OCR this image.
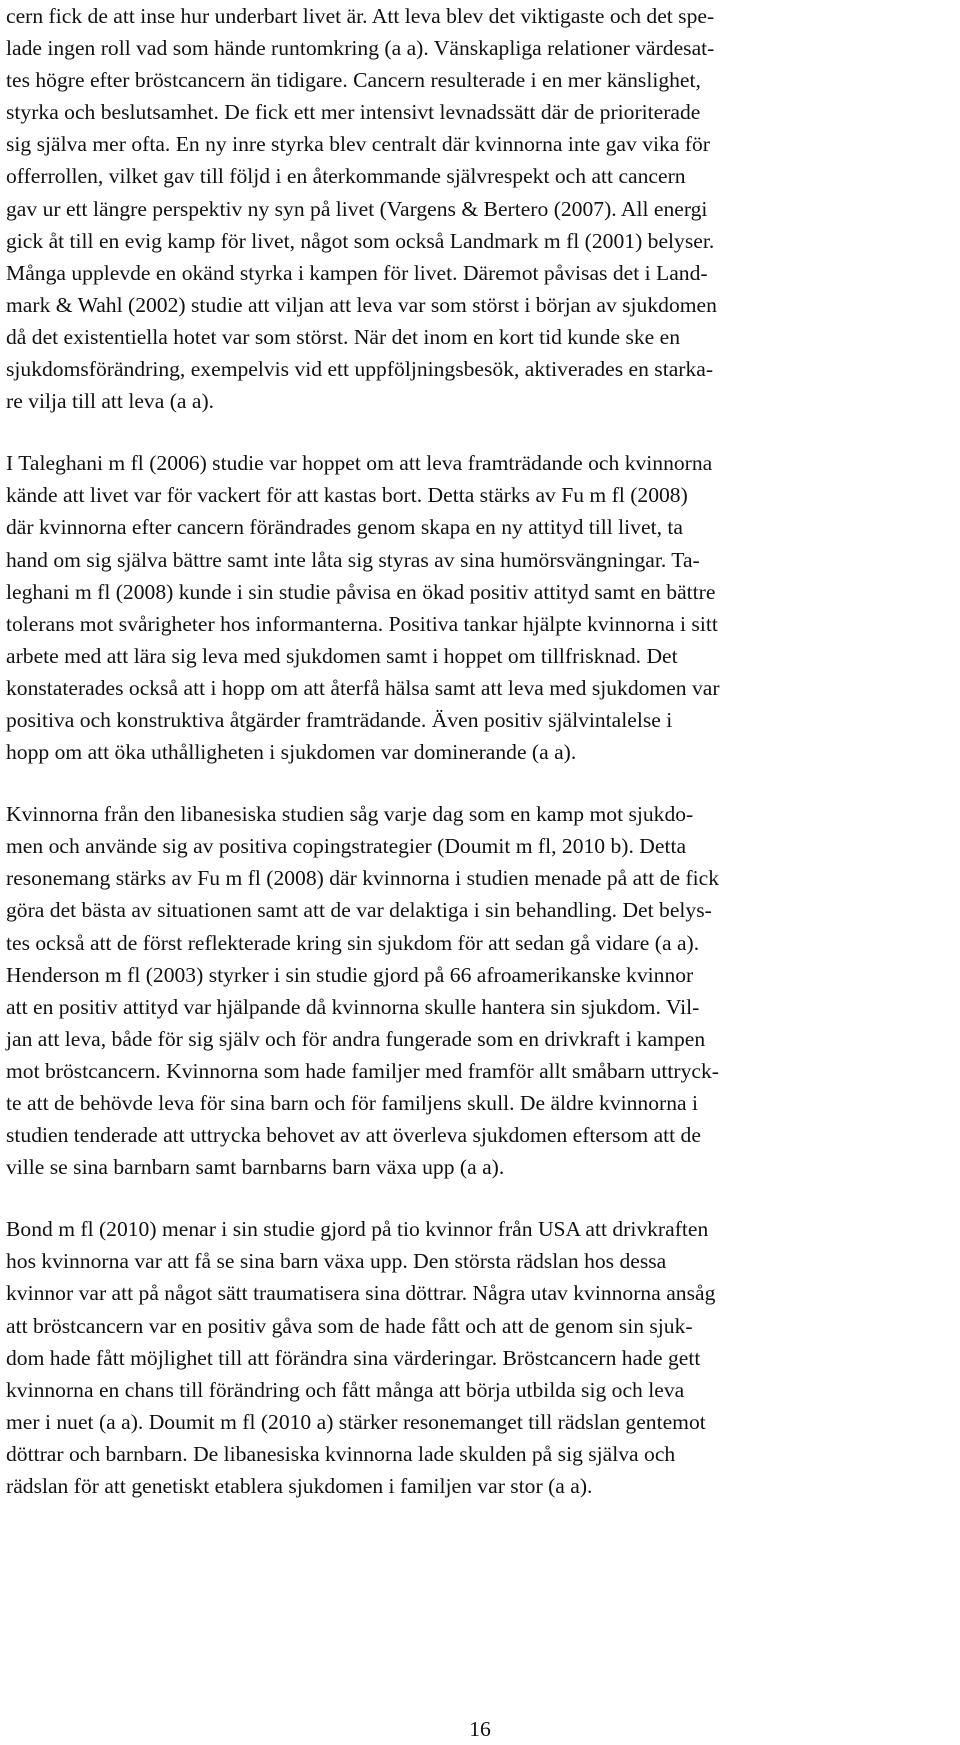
cern fick de att inse hur underbart livet är. Att leva blev det viktigaste och det spe-
lade ingen roll vad som hände runtomkring (a a). Vänskapliga relationer värdesat-
tes högre efter bröstcancern än tidigare. Cancern resulterade i en mer känslighet,
styrka och beslutsamhet. De fick ett mer intensivt levnadssätt där de prioriterade
sig själva mer ofta. En ny inre styrka blev centralt där kvinnorna inte gav vika för
offerrollen, vilket gav till följd i en återkommande självrespekt och att cancern
gav ur ett längre perspektiv ny syn på livet (Vargens & Bertero (2007). All energi
gick åt till en evig kamp för livet, något som också Landmark m fl (2001) belyser.
Många upplevde en okänd styrka i kampen för livet. Däremot påvisas det i Land-
mark & Wahl (2002) studie att viljan att leva var som störst i början av sjukdomen
då det existentiella hotet var som störst. När det inom en kort tid kunde ske en
sjukdomsförändring, exempelvis vid ett uppföljningsbesök, aktiverades en starka-
re vilja till att leva (a a).
I Taleghani m fl (2006) studie var hoppet om att leva framträdande och kvinnorna
kände att livet var för vackert för att kastas bort. Detta stärks av Fu m fl (2008)
där kvinnorna efter cancern förändrades genom skapa en ny attityd till livet, ta
hand om sig själva bättre samt inte låta sig styras av sina humörsvängningar. Ta-
leghani m fl (2008) kunde i sin studie påvisa en ökad positiv attityd samt en bättre
tolerans mot svårigheter hos informanterna. Positiva tankar hjälpte kvinnorna i sitt
arbete med att lära sig leva med sjukdomen samt i hoppet om tillfrisknad. Det
konstaterades också att i hopp om att återfå hälsa samt att leva med sjukdomen var
positiva och konstruktiva åtgärder framträdande. Även positiv självintalelse i
hopp om att öka uthålligheten i sjukdomen var dominerande (a a).
Kvinnorna från den libanesiska studien såg varje dag som en kamp mot sjukdo-
men och använde sig av positiva copingstrategier (Doumit m fl, 2010 b). Detta
resonemang stärks av Fu m fl (2008) där kvinnorna i studien menade på att de fick
göra det bästa av situationen samt att de var delaktiga i sin behandling. Det belys-
tes också att de först reflekterade kring sin sjukdom för att sedan gå vidare (a a).
Henderson m fl (2003) styrker i sin studie gjord på 66 afroamerikanske kvinnor
att en positiv attityd var hjälpande då kvinnorna skulle hantera sin sjukdom. Vil-
jan att leva, både för sig själv och för andra fungerade som en drivkraft i kampen
mot bröstcancern. Kvinnorna som hade familjer med framför allt småbarn uttryck-
te att de behövde leva för sina barn och för familjens skull. De äldre kvinnorna i
studien tenderade att uttrycka behovet av att överleva sjukdomen eftersom att de
ville se sina barnbarn samt barnbarns barn växa upp (a a).
Bond m fl (2010) menar i sin studie gjord på tio kvinnor från USA att drivkraften
hos kvinnorna var att få se sina barn växa upp. Den största rädslan hos dessa
kvinnor var att på något sätt traumatisera sina döttrar. Några utav kvinnorna ansåg
att bröstcancern var en positiv gåva som de hade fått och att de genom sin sjuk-
dom hade fått möjlighet till att förändra sina värderingar. Bröstcancern hade gett
kvinnorna en chans till förändring och fått många att börja utbilda sig och leva
mer i nuet (a a). Doumit m fl (2010 a) stärker resonemanget till rädslan gentemot
döttrar och barnbarn. De libanesiska kvinnorna lade skulden på sig själva och
rädslan för att genetiskt etablera sjukdomen i familjen var stor (a a).
16
